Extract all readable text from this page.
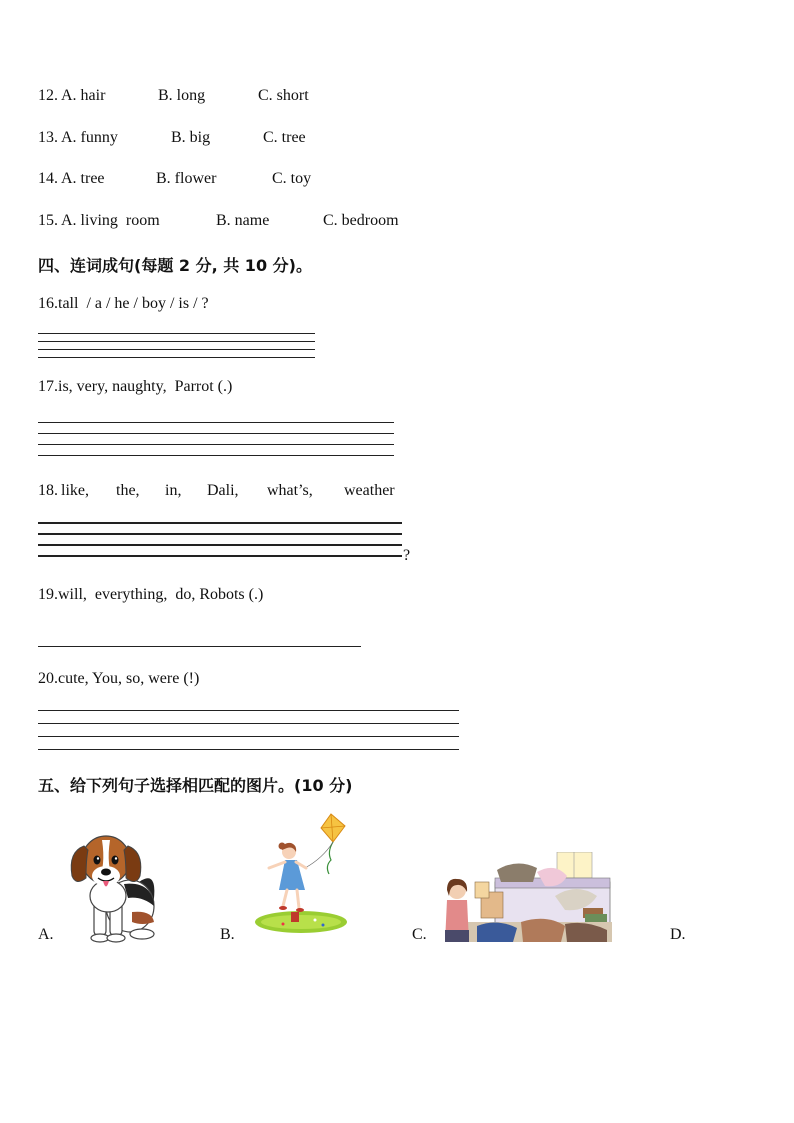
12. A. hair	B. long	C. short
13. A. funny	B. big	C. tree
14. A. tree	B. flower	C. toy
15. A. living  room	B. name	C. bedroom
四、连词成句(每题 2 分, 共 10 分)。
16.tall  / a / he / boy / is / ?
17.is, very, naughty,  Parrot (.)
18. like, the, in, Dali, what’s, weather
?
19.will,  everything,  do, Robots (.)
20.cute, You, so, were (!)
五、给下列句子选择相匹配的图片。(10 分)
A.	B.	C.	D.
